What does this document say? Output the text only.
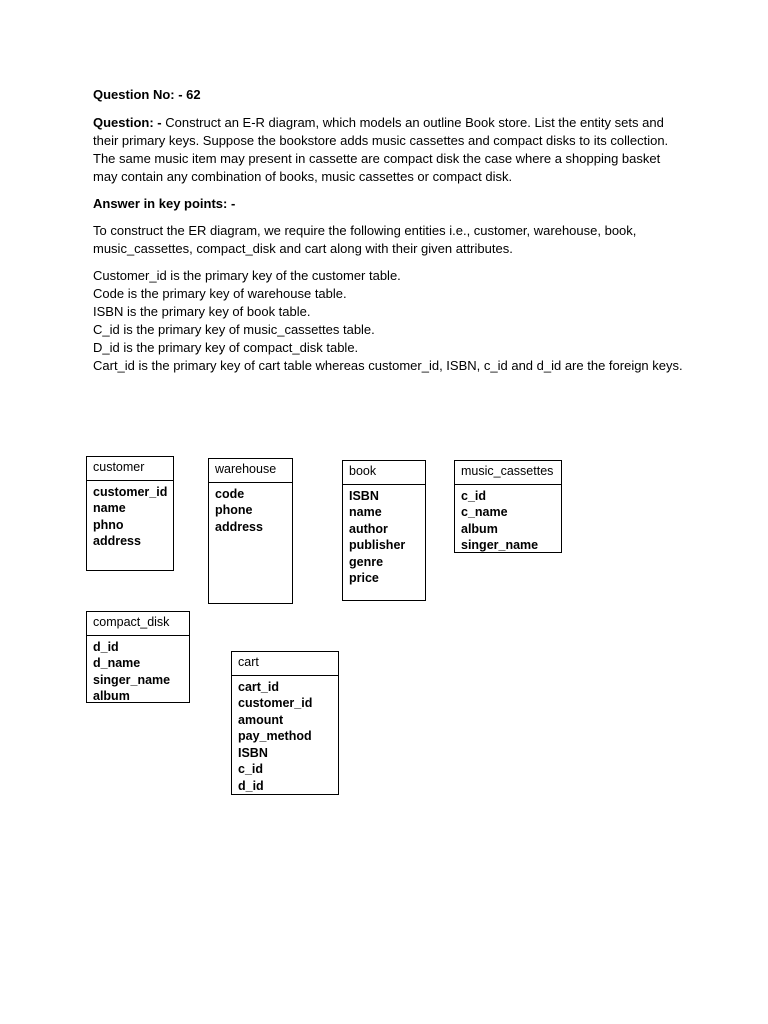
Question No: - 62
Question: - Construct an E-R diagram, which models an outline Book store. List the entity sets and their primary keys. Suppose the bookstore adds music cassettes and compact disks to its collection. The same music item may present in cassette are compact disk the case where a shopping basket may contain any combination of books, music cassettes or compact disk.
Answer in key points: -
To construct the ER diagram, we require the following entities i.e., customer, warehouse, book, music_cassettes, compact_disk and cart along with their given attributes.
Customer_id is the primary key of the customer table.
Code is the primary key of warehouse table.
ISBN is the primary key of book table.
C_id is the primary key of music_cassettes table.
D_id is the primary key of compact_disk table.
Cart_id is the primary key of cart table whereas customer_id, ISBN, c_id and d_id are the foreign keys.
customer
customer_id
name
phno
address
warehouse
code
phone
address
book
ISBN
name
author
publisher
genre
price
music_cassettes
c_id
c_name
album
singer_name
compact_disk
d_id
d_name
singer_name
album
cart
cart_id
customer_id
amount
pay_method
ISBN
c_id
d_id
